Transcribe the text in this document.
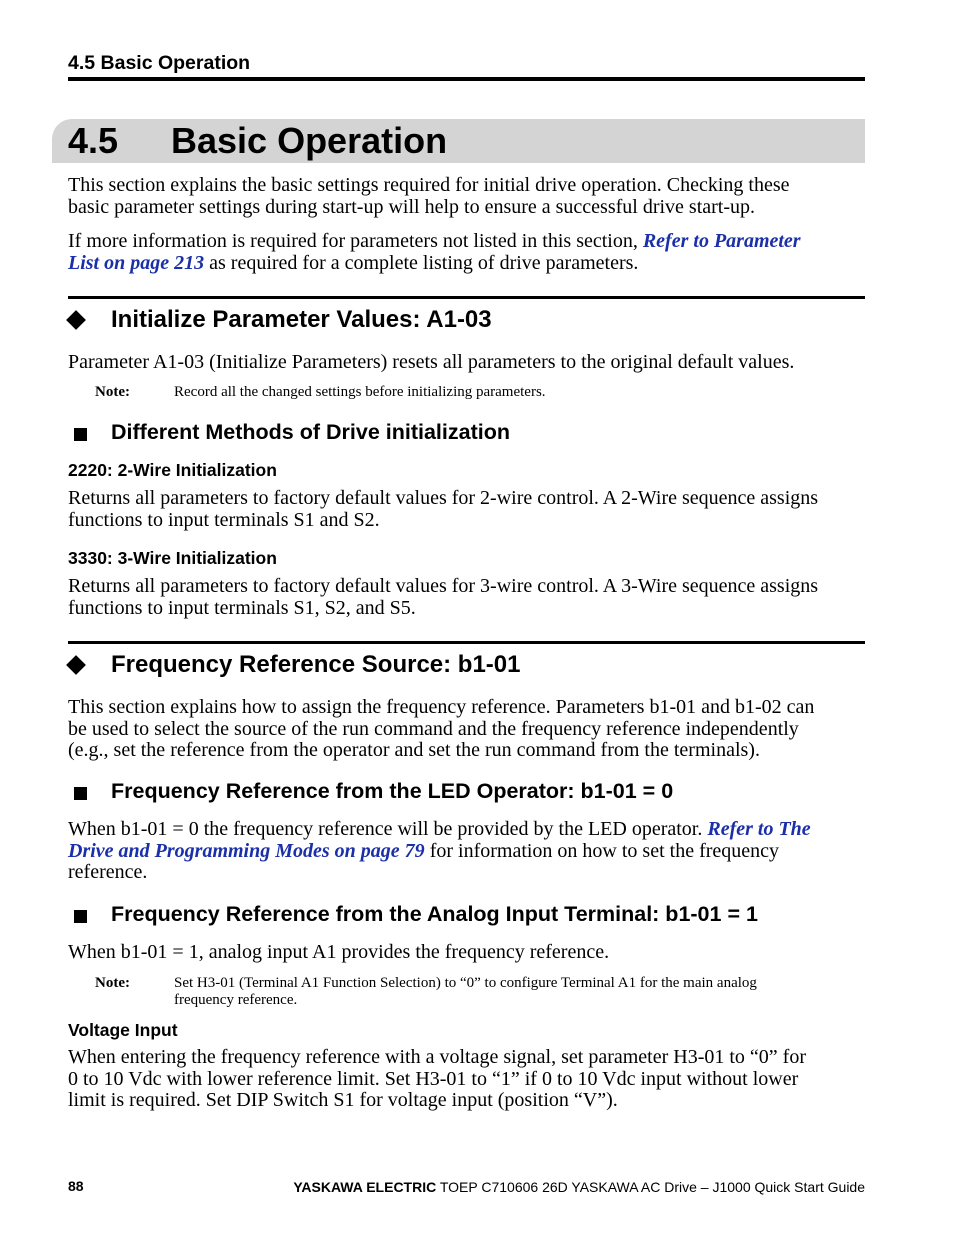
4.5 Basic Operation
4.5 Basic Operation
This section explains the basic settings required for initial drive operation. Checking these
basic parameter settings during start-up will help to ensure a successful drive start-up.
If more information is required for parameters not listed in this section, Refer to Parameter
List on page 213 as required for a complete listing of drive parameters.
Initialize Parameter Values: A1-03
Parameter A1-03 (Initialize Parameters) resets all parameters to the original default values.
Note:	Record all the changed settings before initializing parameters.
Different Methods of Drive initialization
2220: 2-Wire Initialization
Returns all parameters to factory default values for 2-wire control. A 2-Wire sequence assigns
functions to input terminals S1 and S2.
3330: 3-Wire Initialization
Returns all parameters to factory default values for 3-wire control. A 3-Wire sequence assigns
functions to input terminals S1, S2, and S5.
Frequency Reference Source: b1-01
This section explains how to assign the frequency reference. Parameters b1-01 and b1-02 can
be used to select the source of the run command and the frequency reference independently
(e.g., set the reference from the operator and set the run command from the terminals).
Frequency Reference from the LED Operator: b1-01 = 0
When b1-01 = 0 the frequency reference will be provided by the LED operator. Refer to The
Drive and Programming Modes on page 79 for information on how to set the frequency
reference.
Frequency Reference from the Analog Input Terminal: b1-01 = 1
When b1-01 = 1, analog input A1 provides the frequency reference.
Note:	Set H3-01 (Terminal A1 Function Selection) to “0” to configure Terminal A1 for the main analog
frequency reference.
Voltage Input
When entering the frequency reference with a voltage signal, set parameter H3-01 to “0” for
0 to 10 Vdc with lower reference limit. Set H3-01 to “1” if 0 to 10 Vdc input without lower
limit is required. Set DIP Switch S1 for voltage input (position “V”).
88	YASKAWA ELECTRIC TOEP C710606 26D YASKAWA AC Drive – J1000 Quick Start Guide
